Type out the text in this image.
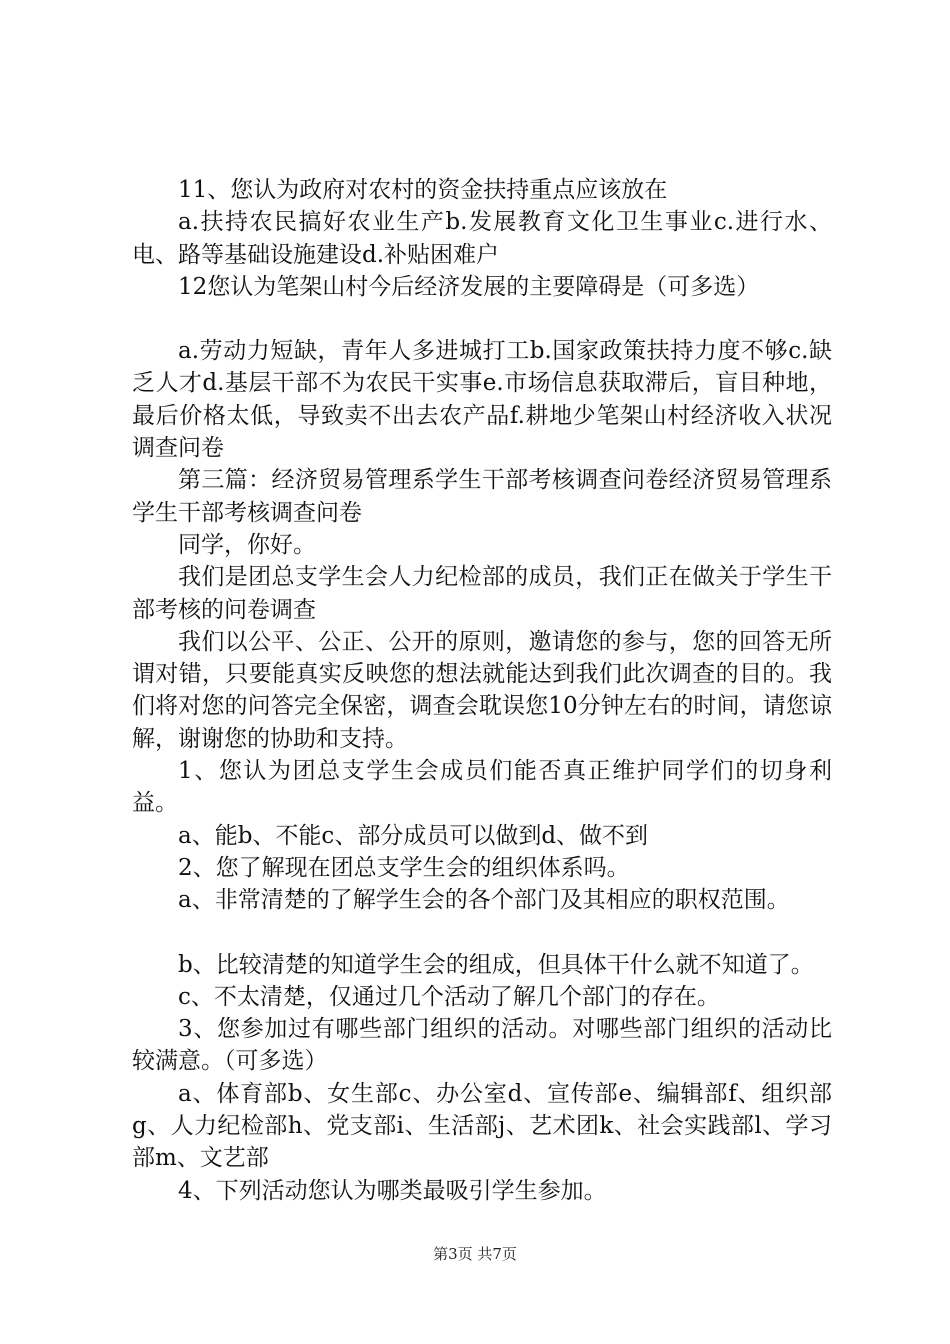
11、您认为政府对农村的资金扶持重点应该放在

a.扶持农民搞好农业生产b.发展教育文化卫生事业c.进行水、电、路等基础设施建设d.补贴困难户

12您认为笔架山村今后经济发展的主要障碍是（可多选）

a.劳动力短缺，青年人多进城打工b.国家政策扶持力度不够c.缺乏人才d.基层干部不为农民干实事e.市场信息获取滞后，盲目种地，最后价格太低，导致卖不出去农产品f.耕地少笔架山村经济收入状况调查问卷

第三篇：经济贸易管理系学生干部考核调查问卷经济贸易管理系学生干部考核调查问卷

同学，你好。

我们是团总支学生会人力纪检部的成员，我们正在做关于学生干部考核的问卷调查

我们以公平、公正、公开的原则，邀请您的参与，您的回答无所谓对错，只要能真实反映您的想法就能达到我们此次调查的目的。我们将对您的问答完全保密，调查会耽误您10分钟左右的时间，请您谅解，谢谢您的协助和支持。

1、您认为团总支学生会成员们能否真正维护同学们的切身利益。

a、能b、不能c、部分成员可以做到d、做不到

2、您了解现在团总支学生会的组织体系吗。

a、非常清楚的了解学生会的各个部门及其相应的职权范围。

b、比较清楚的知道学生会的组成，但具体干什么就不知道了。

c、不太清楚，仅通过几个活动了解几个部门的存在。

3、您参加过有哪些部门组织的活动。对哪些部门组织的活动比较满意。（可多选）

a、体育部b、女生部c、办公室d、宣传部e、编辑部f、组织部g、人力纪检部h、党支部i、生活部j、艺术团k、社会实践部l、学习部m、文艺部

4、下列活动您认为哪类最吸引学生参加。

第3页 共7页
